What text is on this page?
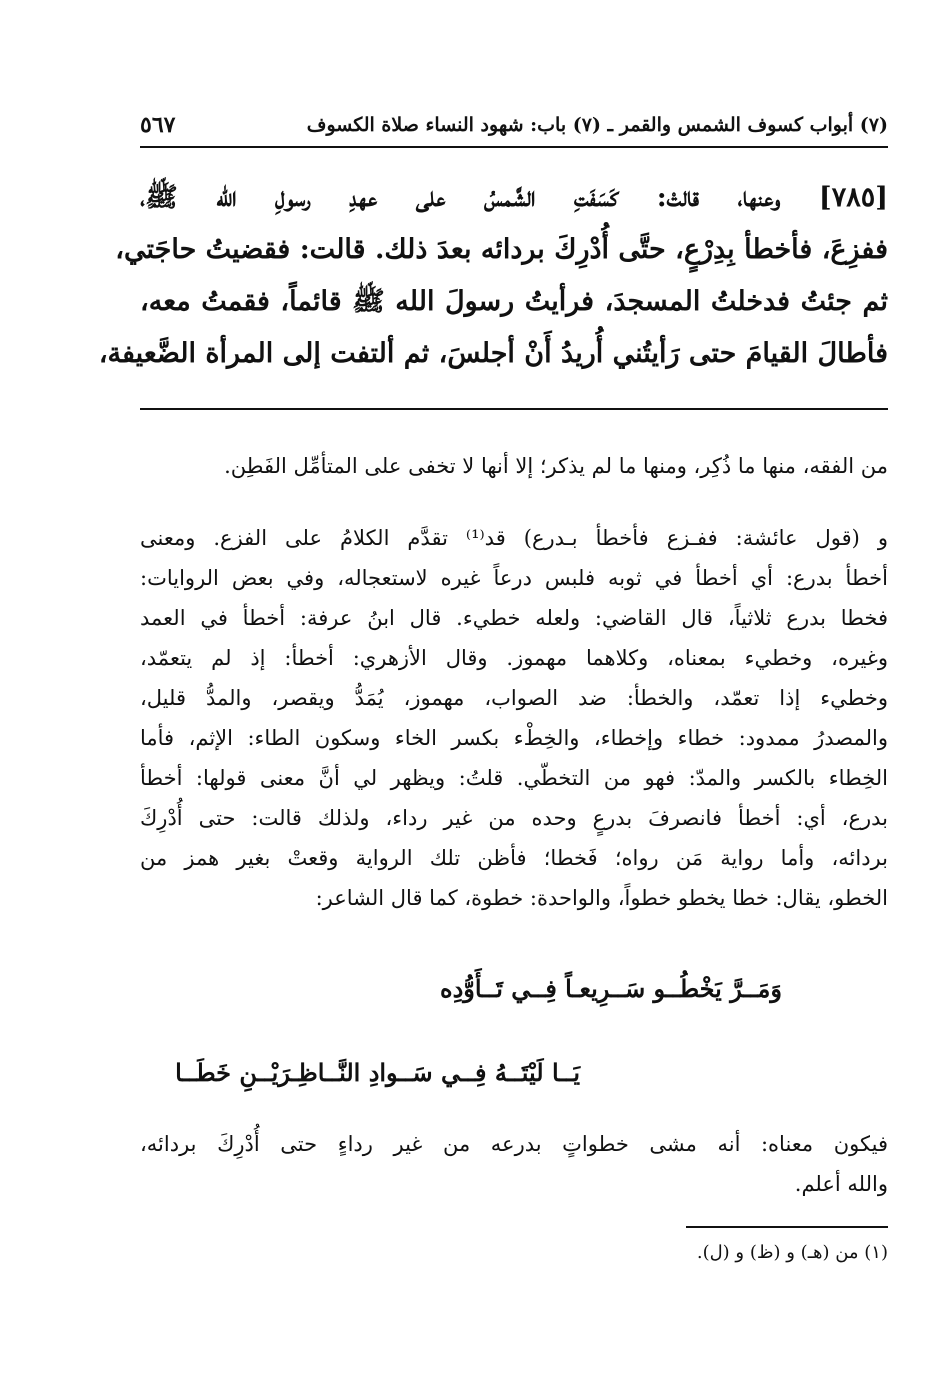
(٧) أبواب كسوف الشمس والقمر ـ (٧) باب: شهود النساء صلاة الكسوف
٥٦٧
[٧٨٥] وعنها، قالتْ: كَسَفَتِ الشَّمسُ على عهدِ رسولِ الله ﷺ،
ففزِعَ، فأخطأ بِدِرْعٍ، حتَّى أُدْرِكَ بردائه بعدَ ذلك. قالت: فقضيتُ حاجَتي،
ثم جئتُ فدخلتُ المسجدَ، فرأيتُ رسولَ الله ﷺ قائماً، فقمتُ معه،
فأطالَ القيامَ حتى رَأيتُني أُريدُ أَنْ أجلسَ، ثم ألتفت إلى المرأة الضَّعيفة،
من الفقه، منها ما ذُكِر، ومنها ما لم يذكر؛ إلا أنها لا تخفى على المتأمِّل الفَطِن.
و (قول عائشة: ففـزع فأخطأ بـدرع) قد⁽¹⁾ تقدَّم الكلامُ على الفزع. ومعنى
أخطأ بدرع: أي أخطأ في ثوبه فلبس درعاً غيره لاستعجاله، وفي بعض الروايات:
فخطا بدرع ثلاثياً، قال القاضي: ولعله خطيء. قال ابنُ عرفة: أخطأ في العمد
وغيره، وخطيء بمعناه، وكلاهما مهموز. وقال الأزهري: أخطأ: إذ لم يتعمّد،
وخطيء إذا تعمّد، والخطأ: ضد الصواب، مهموز، يُمَدُّ ويقصر، والمدُّ قليل،
والمصدرُ ممدود: خطاء وإخطاء، والخِطْء بكسر الخاء وسكون الطاء: الإثم، فأما
الخِطاء بالكسر والمدّ: فهو من التخطّي. قلتُ: ويظهر لي أنَّ معنى قولها: أخطأ
بدرع، أي: أخطأ فانصرفَ بدرعٍ وحده من غير رداء، ولذلك قالت: حتى أُدْرِكَ
بردائه، وأما رواية مَن رواه؛ فَخطا؛ فأظن تلك الرواية وقعتْ بغير همز من
الخطو، يقال: خطا يخطو خطواً، والواحدة: خطوة، كما قال الشاعر:
وَمَــرَّ يَخْطُــو سَــرِيعـاً فِــي تَــأَوُّدِه
يَــا لَيْتَــهُ فِــي سَــوادِ النَّــاظِـرَيْــنِ خَطَــا
فيكون معناه: أنه مشى خطواتٍ بدرعه من غير رداءٍ حتى أُدْرِكَ بردائه،
والله أعلم.
(١) من (هـ) و (ظ) و (ل).
